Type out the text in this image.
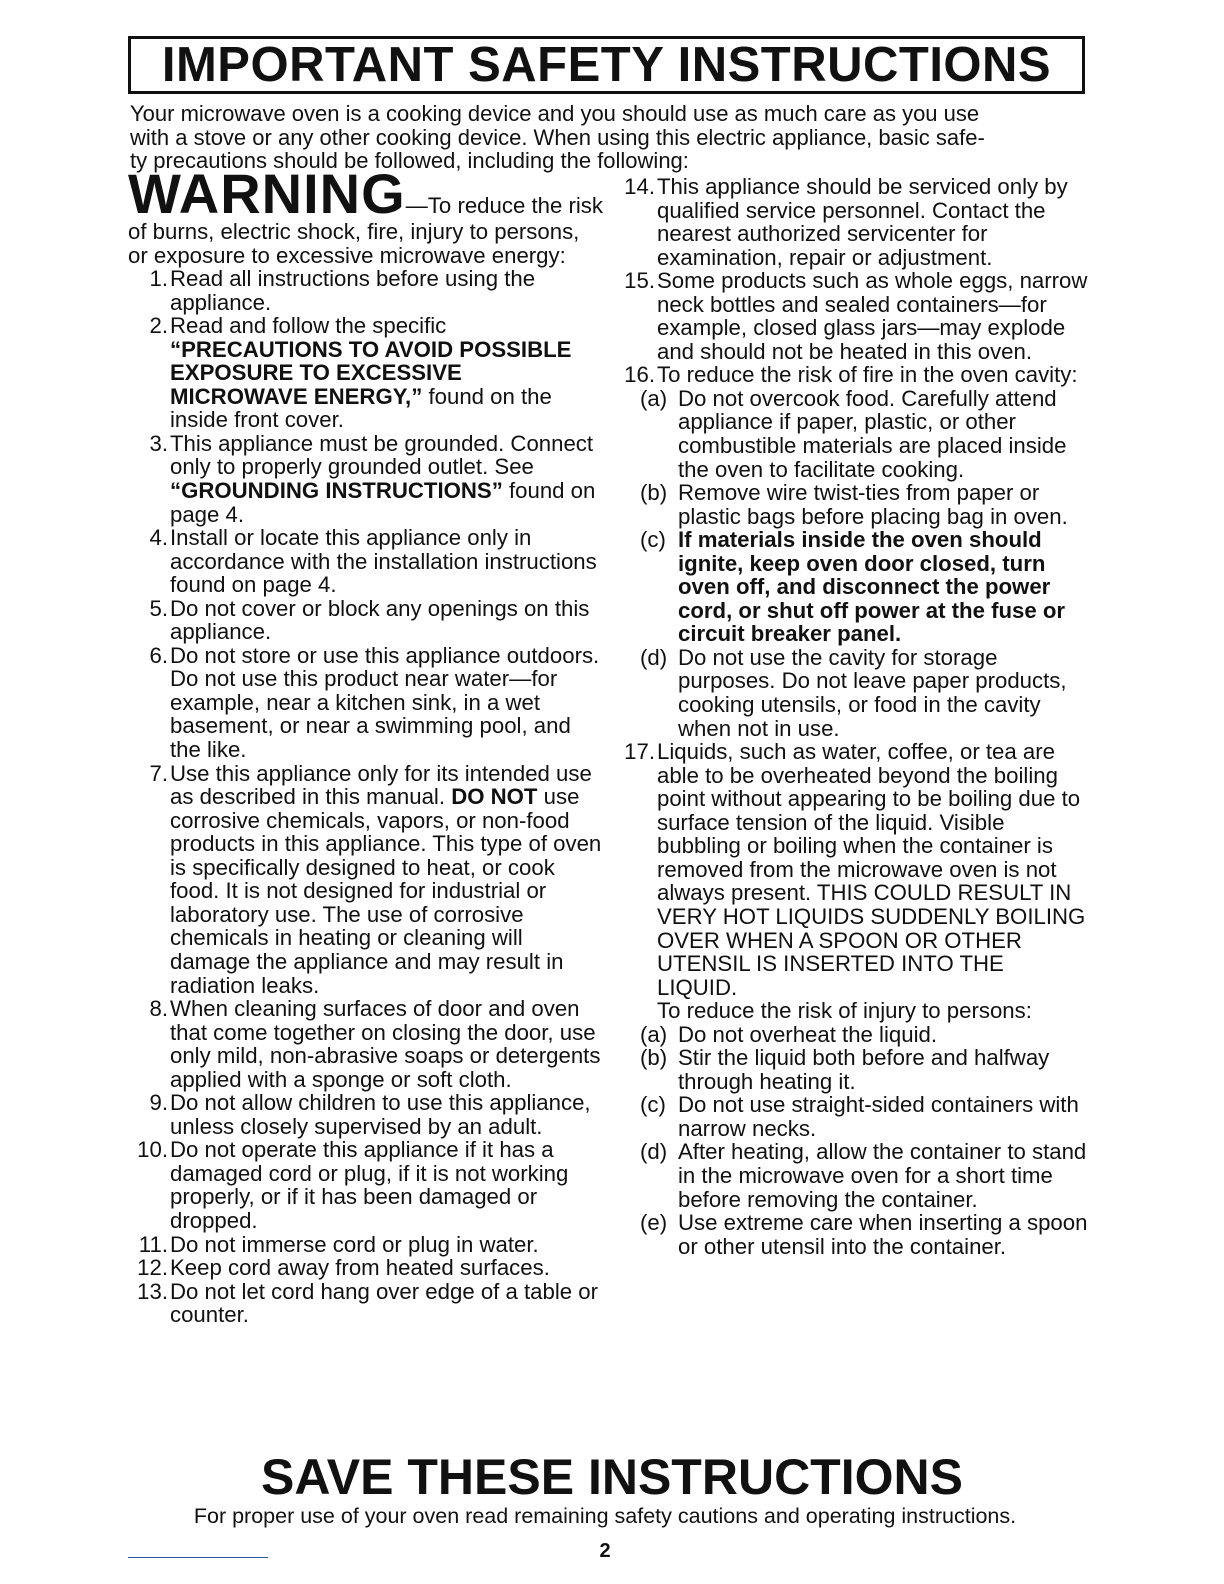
IMPORTANT SAFETY INSTRUCTIONS
Your microwave oven is a cooking device and you should use as much care as you use
with a stove or any other cooking device. When using this electric appliance, basic safe-
ty precautions should be followed, including the following:
WARNING—To reduce the risk
of burns, electric shock, fire, injury to persons, or exposure to excessive microwave energy:
1. Read all instructions before using the appliance.
2. Read and follow the specific “PRECAUTIONS TO AVOID POSSIBLE EXPOSURE TO EXCESSIVE MICROWAVE ENERGY,” found on the inside front cover.
3. This appliance must be grounded. Connect only to properly grounded outlet. See “GROUNDING INSTRUCTIONS” found on page 4.
4. Install or locate this appliance only in accordance with the installation instructions found on page 4.
5. Do not cover or block any openings on this appliance.
6. Do not store or use this appliance outdoors.
Do not use this product near water—for example, near a kitchen sink, in a wet basement, or near a swimming pool, and the like.
7. Use this appliance only for its intended use as described in this manual. DO NOT use corrosive chemicals, vapors, or non-food products in this appliance. This type of oven is specifically designed to heat, or cook food. It is not designed for industrial or laboratory use. The use of corrosive chemicals in heating or cleaning will damage the appliance and may result in radiation leaks.
8. When cleaning surfaces of door and oven that come together on closing the door, use only mild, non-abrasive soaps or detergents applied with a sponge or soft cloth.
9. Do not allow children to use this appliance, unless closely supervised by an adult.
10. Do not operate this appliance if it has a damaged cord or plug, if it is not working properly, or if it has been damaged or dropped.
11. Do not immerse cord or plug in water.
12. Keep cord away from heated surfaces.
13. Do not let cord hang over edge of a table or counter.
14. This appliance should be serviced only by qualified service personnel. Contact the nearest authorized servicenter for examination, repair or adjustment.
15. Some products such as whole eggs, narrow neck bottles and sealed containers—for example, closed glass jars—may explode and should not be heated in this oven.
16. To reduce the risk of fire in the oven cavity:
(a) Do not overcook food. Carefully attend appliance if paper, plastic, or other combustible materials are placed inside the oven to facilitate cooking.
(b) Remove wire twist-ties from paper or plastic bags before placing bag in oven.
(c) If materials inside the oven should ignite, keep oven door closed, turn oven off, and disconnect the power cord, or shut off power at the fuse or circuit breaker panel.
(d) Do not use the cavity for storage purposes. Do not leave paper products, cooking utensils, or food in the cavity when not in use.
17. Liquids, such as water, coffee, or tea are able to be overheated beyond the boiling point without appearing to be boiling due to surface tension of the liquid. Visible bubbling or boiling when the container is removed from the microwave oven is not always present. THIS COULD RESULT IN VERY HOT LIQUIDS SUDDENLY BOILING OVER WHEN A SPOON OR OTHER UTENSIL IS INSERTED INTO THE LIQUID.
To reduce the risk of injury to persons:
(a) Do not overheat the liquid.
(b) Stir the liquid both before and halfway through heating it.
(c) Do not use straight-sided containers with narrow necks.
(d) After heating, allow the container to stand in the microwave oven for a short time before removing the container.
(e) Use extreme care when inserting a spoon or other utensil into the container.
SAVE THESE INSTRUCTIONS
For proper use of your oven read remaining safety cautions and operating instructions.
2
